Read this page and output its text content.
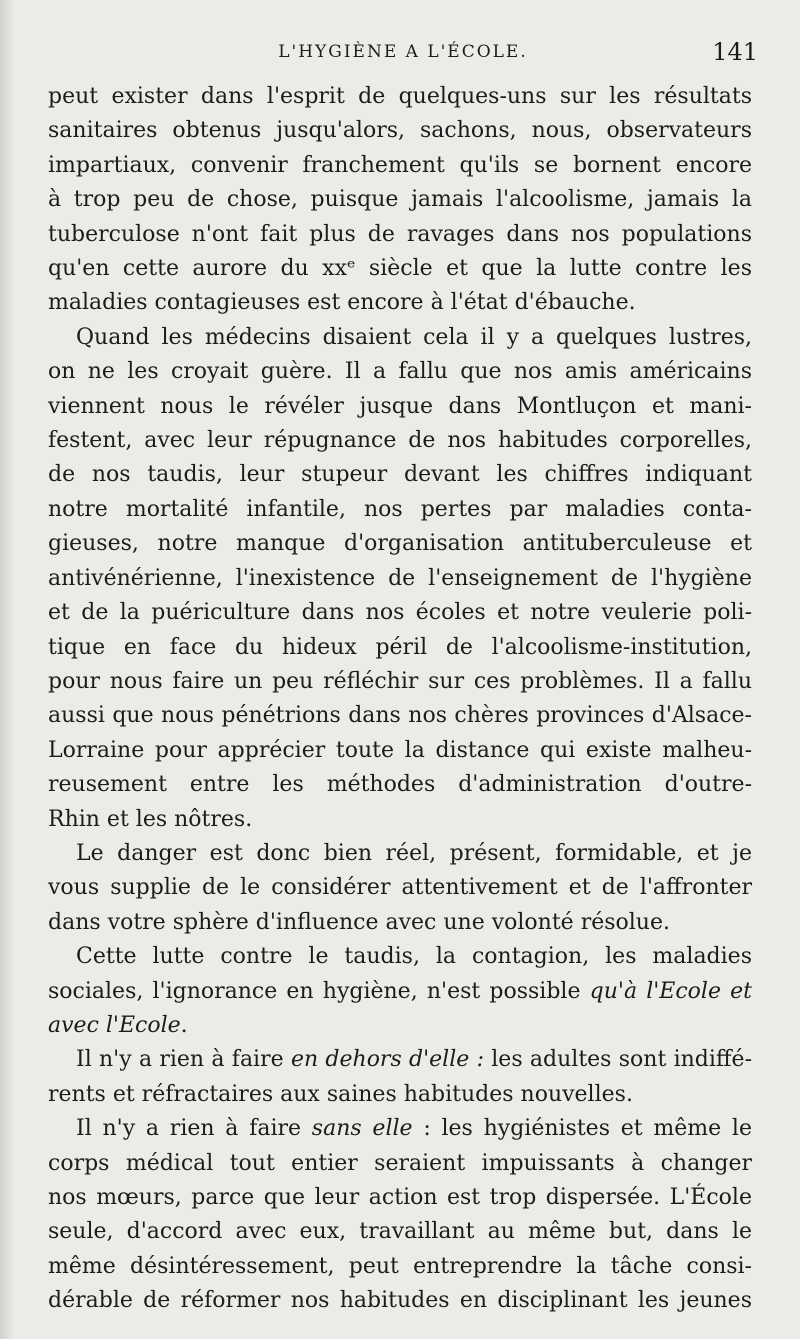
L'HYGIÈNE A L'ÉCOLE.	141

peut exister dans l'esprit de quelques-uns sur les résultats

sanitaires obtenus jusqu'alors, sachons, nous, observateurs

impartiaux, convenir franchement qu'ils se bornent encore

à trop peu de chose, puisque jamais l'alcoolisme, jamais la

tuberculose n'ont fait plus de ravages dans nos populations

qu'en cette aurore du xxᵉ siècle et que la lutte contre les

maladies contagieuses est encore à l'état d'ébauche.

Quand les médecins disaient cela il y a quelques lustres,

on ne les croyait guère. Il a fallu que nos amis américains

viennent nous le révéler jusque dans Montluçon et mani-

festent, avec leur répugnance de nos habitudes corporelles,

de nos taudis, leur stupeur devant les chiffres indiquant

notre mortalité infantile, nos pertes par maladies conta-

gieuses, notre manque d'organisation antituberculeuse et

antivénérienne, l'inexistence de l'enseignement de l'hygiène

et de la puériculture dans nos écoles et notre veulerie poli-

tique en face du hideux péril de l'alcoolisme-institution,

pour nous faire un peu réfléchir sur ces problèmes. Il a fallu

aussi que nous pénétrions dans nos chères provinces d'Alsace-

Lorraine pour apprécier toute la distance qui existe malheu-

reusement entre les méthodes d'administration d'outre-

Rhin et les nôtres.

Le danger est donc bien réel, présent, formidable, et je

vous supplie de le considérer attentivement et de l'affronter

dans votre sphère d'influence avec une volonté résolue.

Cette lutte contre le taudis, la contagion, les maladies

sociales, l'ignorance en hygiène, n'est possible qu'à l'Ecole et

avec l'Ecole.

Il n'y a rien à faire en dehors d'elle : les adultes sont indiffé-

rents et réfractaires aux saines habitudes nouvelles.

Il n'y a rien à faire sans elle : les hygiénistes et même le

corps médical tout entier seraient impuissants à changer

nos mœurs, parce que leur action est trop dispersée. L'École

seule, d'accord avec eux, travaillant au même but, dans le

même désintéressement, peut entreprendre la tâche consi-

dérable de réformer nos habitudes en disciplinant les jeunes
